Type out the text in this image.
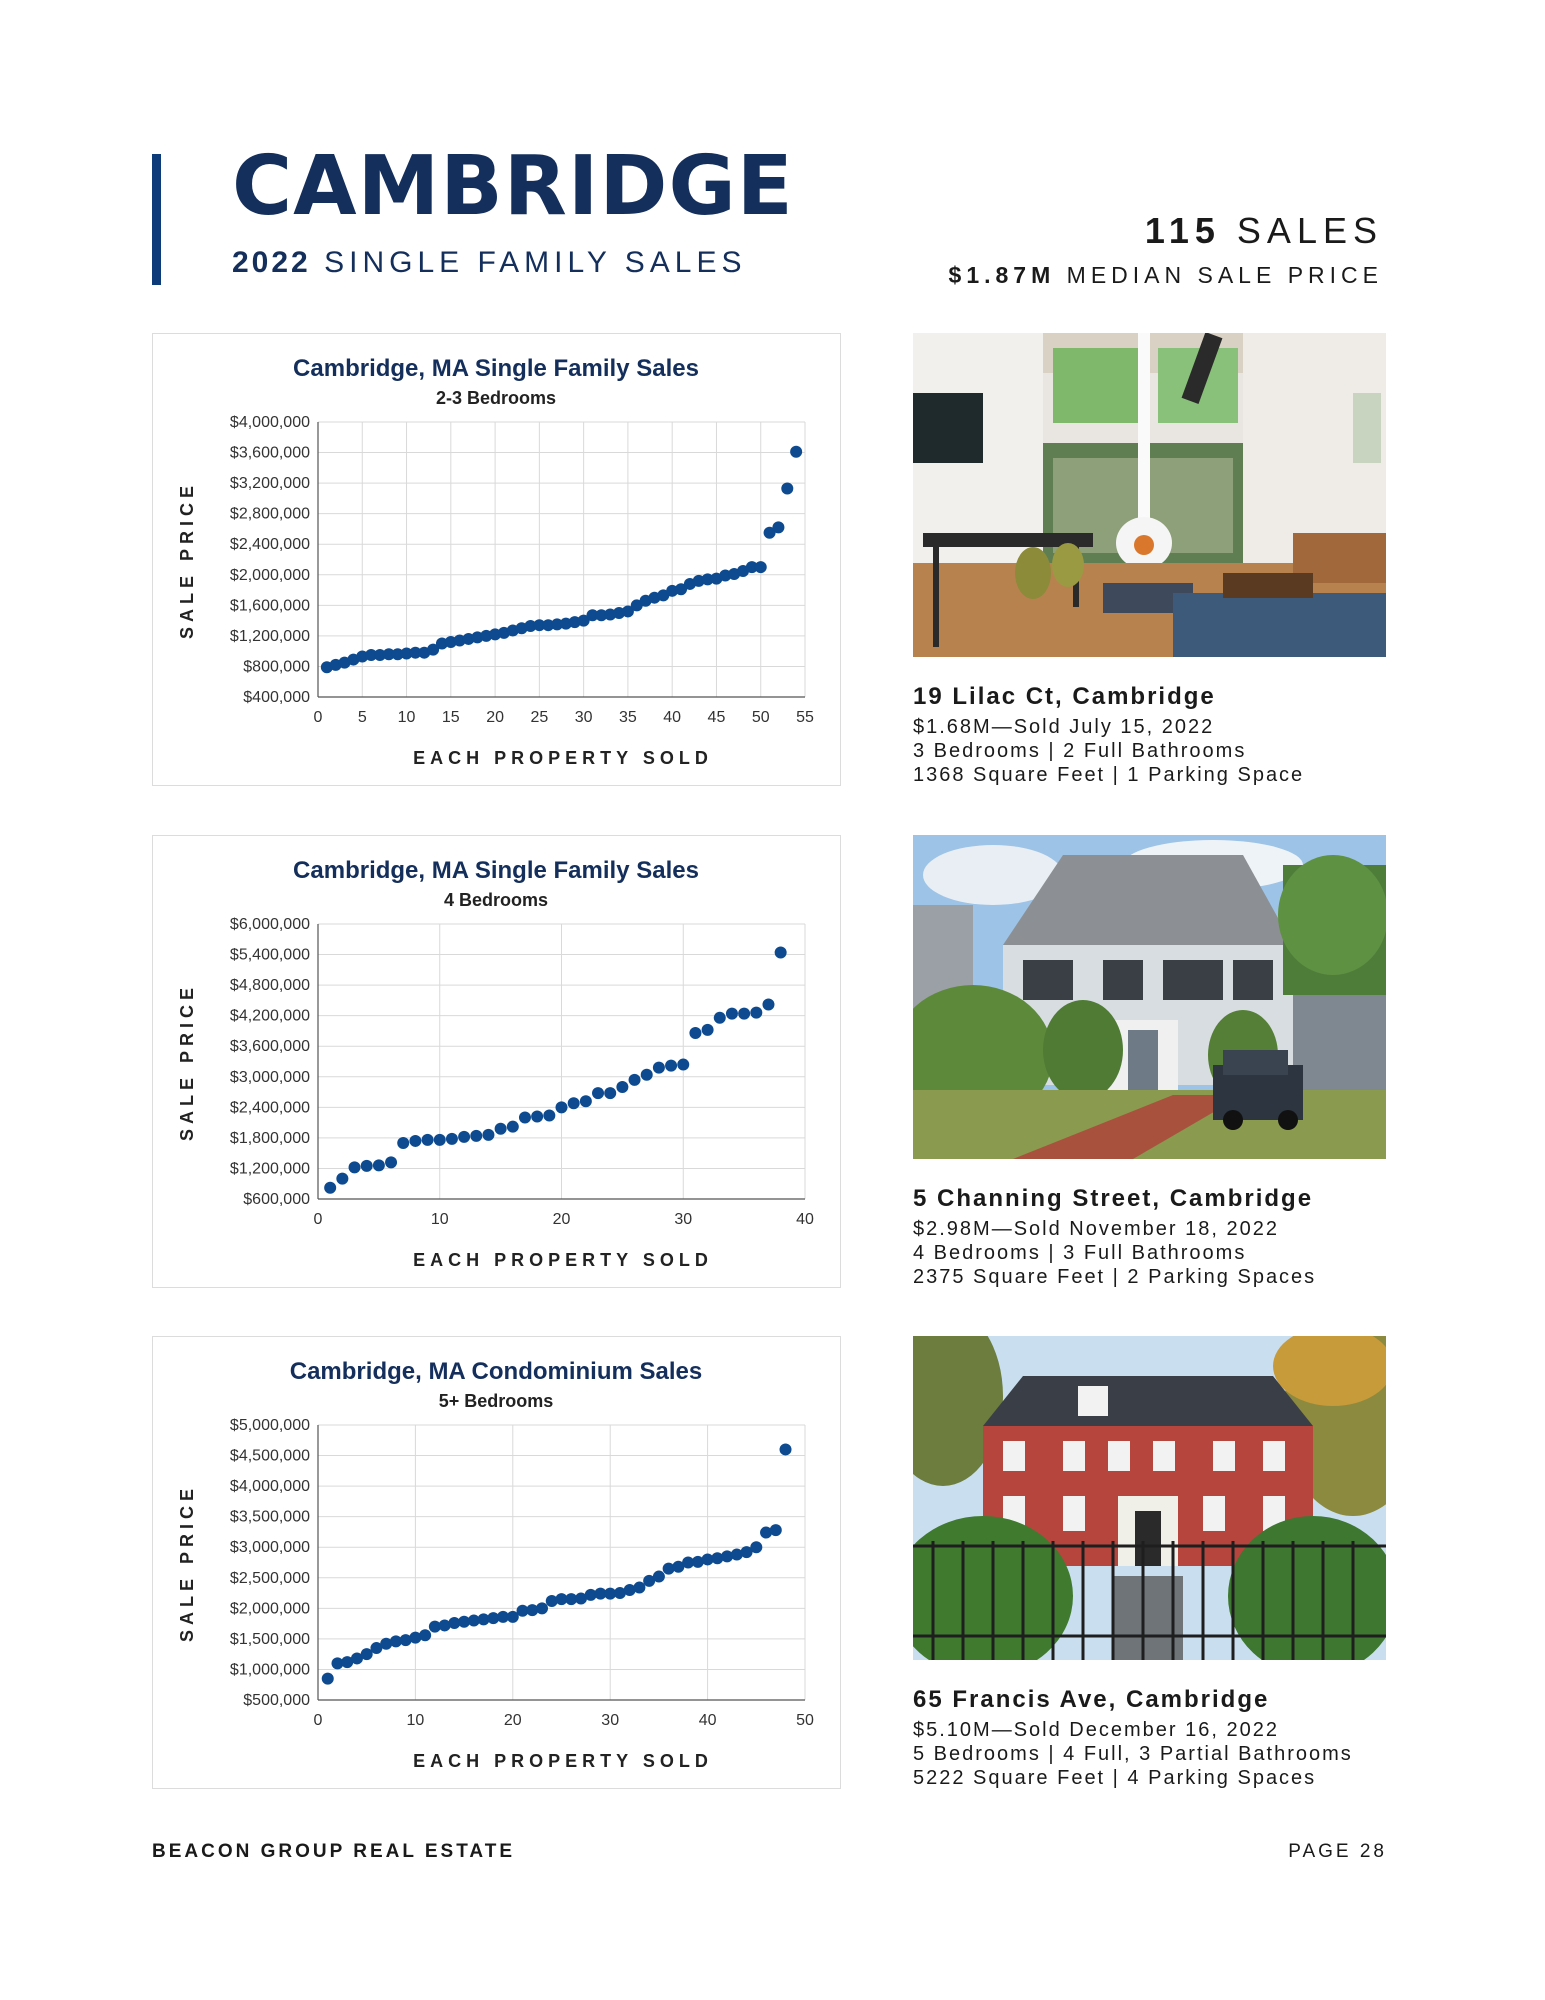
CAMBRIDGE
2022 SINGLE FAMILY SALES
115 SALES
$1.87M MEDIAN SALE PRICE
Cambridge, MA Single Family Sales
2-3 Bedrooms
$400,000
$800,000
$1,200,000
$1,600,000
$2,000,000
$2,400,000
$2,800,000
$3,200,000
$3,600,000
$4,000,000
0 5 10 15 20 25 30 35 40 45 50 55
EACH PROPERTY SOLD
SALE PRICE
Cambridge, MA Single Family Sales
4 Bedrooms
$600,000
$1,200,000
$1,800,000
$2,400,000
$3,000,000
$3,600,000
$4,200,000
$4,800,000
$5,400,000
$6,000,000
0	10	20	30	40
EACH PROPERTY SOLD
SALE PRICE
Cambridge, MA Condominium Sales
5+ Bedrooms
$500,000
$1,000,000
$1,500,000
$2,000,000
$2,500,000
$3,000,000
$3,500,000
$4,000,000
$4,500,000
$5,000,000
0	10	20	30	40	50
EACH PROPERTY SOLD
SALE PRICE
19 Lilac Ct, Cambridge
$1.68M—Sold July 15, 2022
3 Bedrooms | 2 Full Bathrooms
1368 Square Feet | 1 Parking Space
5 Channing Street, Cambridge
$2.98M—Sold November 18, 2022
4 Bedrooms | 3 Full Bathrooms
2375 Square Feet | 2 Parking Spaces
65 Francis Ave, Cambridge
$5.10M—Sold December 16, 2022
5 Bedrooms | 4 Full, 3 Partial Bathrooms
5222 Square Feet | 4 Parking Spaces
BEACON GROUP REAL ESTATE	PAGE 28
